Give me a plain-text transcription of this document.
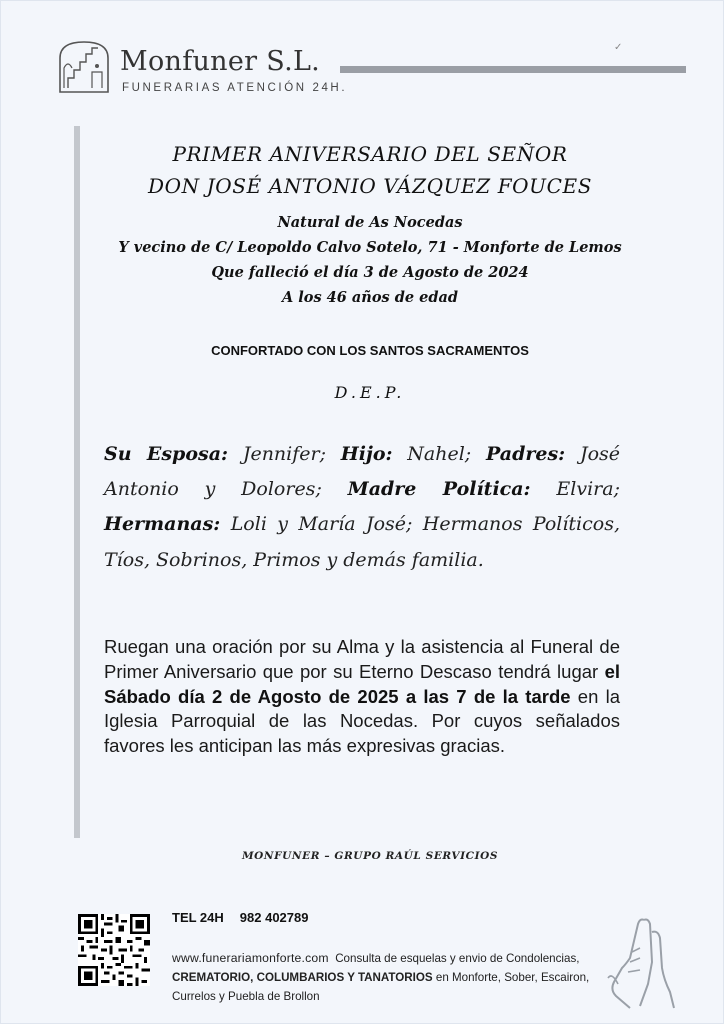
Monfuner S.L.
FUNERARIAS ATENCIÓN 24H.
✓
PRIMER ANIVERSARIO DEL SEÑOR
DON JOSÉ ANTONIO VÁZQUEZ FOUCES
Natural de As Nocedas
Y vecino de C/ Leopoldo Calvo Sotelo, 71 - Monforte de Lemos
Que falleció el día 3 de Agosto de 2024
A los 46 años de edad
CONFORTADO CON LOS SANTOS SACRAMENTOS
D.E.P.
Su Esposa: Jennifer; Hijo: Nahel; Padres: José Antonio y Dolores; Madre Política: Elvira; Hermanas: Loli y María José; Hermanos Políticos, Tíos, Sobrinos, Primos y demás familia.
Ruegan una oración por su Alma y la asistencia al Funeral de Primer Aniversario que por su Eterno Descaso tendrá lugar el Sábado día 2 de Agosto de 2025 a las 7 de la tarde en la Iglesia Parroquial de las Nocedas. Por cuyos señalados favores les anticipan las más expresivas gracias.
MONFUNER – GRUPO RAÚL SERVICIOS
TEL 24H 982 402789
www.funerariamonforte.com Consulta de esquelas y envio de Condolencias, CREMATORIO, COLUMBARIOS Y TANATORIOS en Monforte, Sober, Escairon, Currelos y Puebla de Brollon
